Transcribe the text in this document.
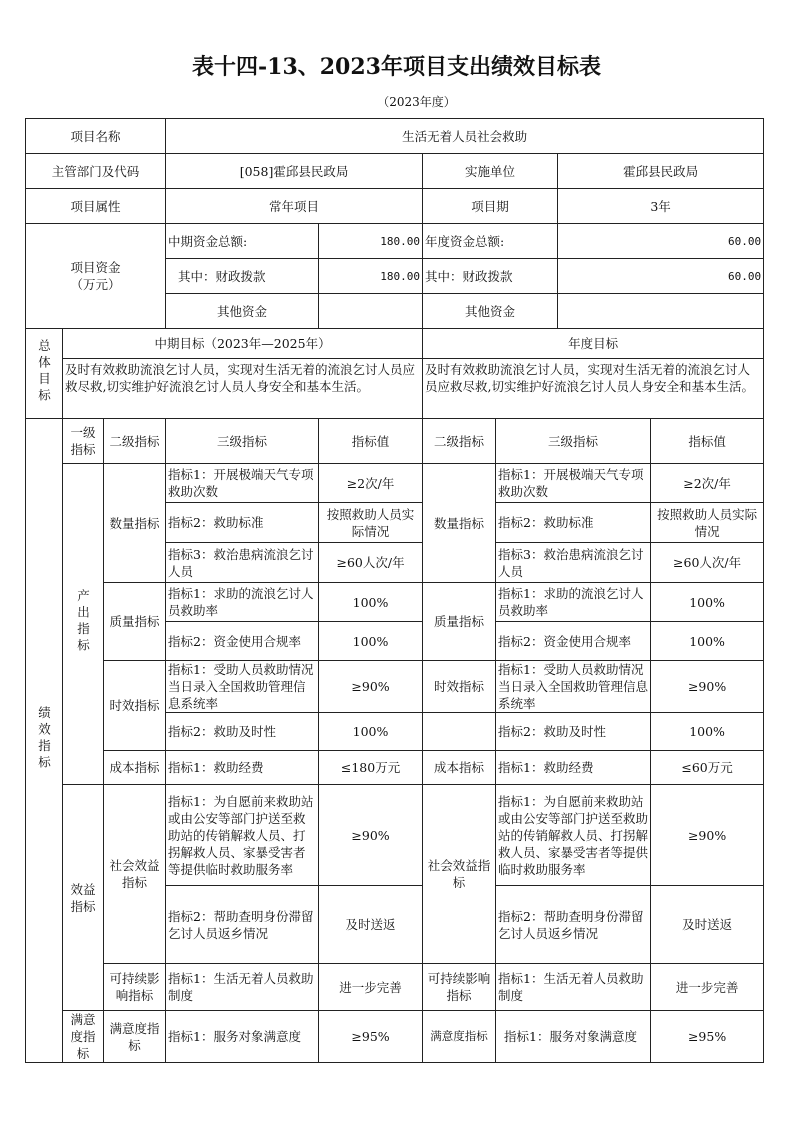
表十四-13、2023年项目支出绩效目标表
（2023年度）
项目名称			生活无着人员社会救助					
主管部门及代码			[058]霍邱县民政局		实施单位		霍邱县民政局	
项目属性			常年项目		项目期		3年	
项目资金（万元）			中期资金总额:	180.00	年度资金总额:		60.00	
			其中：财政拨款	180.00	其中：财政拨款		60.00	
			其他资金		其他资金			
总体目标	中期目标（2023年—2025年）				年度目标			
	及时有效救助流浪乞讨人员，实现对生活无着的流浪乞讨人员应救尽救,切实维护好流浪乞讨人员人身安全和基本生活。				及时有效救助流浪乞讨人员，实现对生活无着的流浪乞讨人员应救尽救,切实维护好流浪乞讨人员人身安全和基本生活。			
绩效指标	一级指标	二级指标	三级指标	指标值	二级指标	三级指标		指标值
	产出指标	数量指标	指标1：开展极端天气专项救助次数	≥2次/年	数量指标	指标1：开展极端天气专项救助次数		≥2次/年
			指标2：救助标准	按照救助人员实际情况		指标2：救助标准		按照救助人员实际情况
			指标3：救治患病流浪乞讨人员	≥60人次/年		指标3：救治患病流浪乞讨人员		≥60人次/年
		质量指标	指标1：求助的流浪乞讨人员救助率	100%	质量指标	指标1：求助的流浪乞讨人员救助率		100%
			指标2：资金使用合规率	100%		指标2：资金使用合规率		100%
		时效指标	指标1：受助人员救助情况当日录入全国救助管理信息系统率	≥90%	时效指标	指标1：受助人员救助情况当日录入全国救助管理信息系统率		≥90%
			指标2：救助及时性	100%		指标2：救助及时性		100%
		成本指标	指标1：救助经费	≤180万元	成本指标	指标1：救助经费		≤60万元
	效益指标	社会效益指标	指标1：为自愿前来救助站或由公安等部门护送至救助站的传销解救人员、打拐解救人员、家暴受害者等提供临时救助服务率	≥90%	社会效益指标	指标1：为自愿前来救助站或由公安等部门护送至救助站的传销解救人员、打拐解救人员、家暴受害者等提供临时救助服务率		≥90%
			指标2：帮助查明身份滞留乞讨人员返乡情况	及时送返		指标2：帮助查明身份滞留乞讨人员返乡情况		及时送返
		可持续影响指标	指标1：生活无着人员救助制度	进一步完善	可持续影响指标	指标1：生活无着人员救助制度		进一步完善
	满意度指标	满意度指标	指标1：服务对象满意度	≥95%	满意度指标	指标1：服务对象满意度		≥95%
